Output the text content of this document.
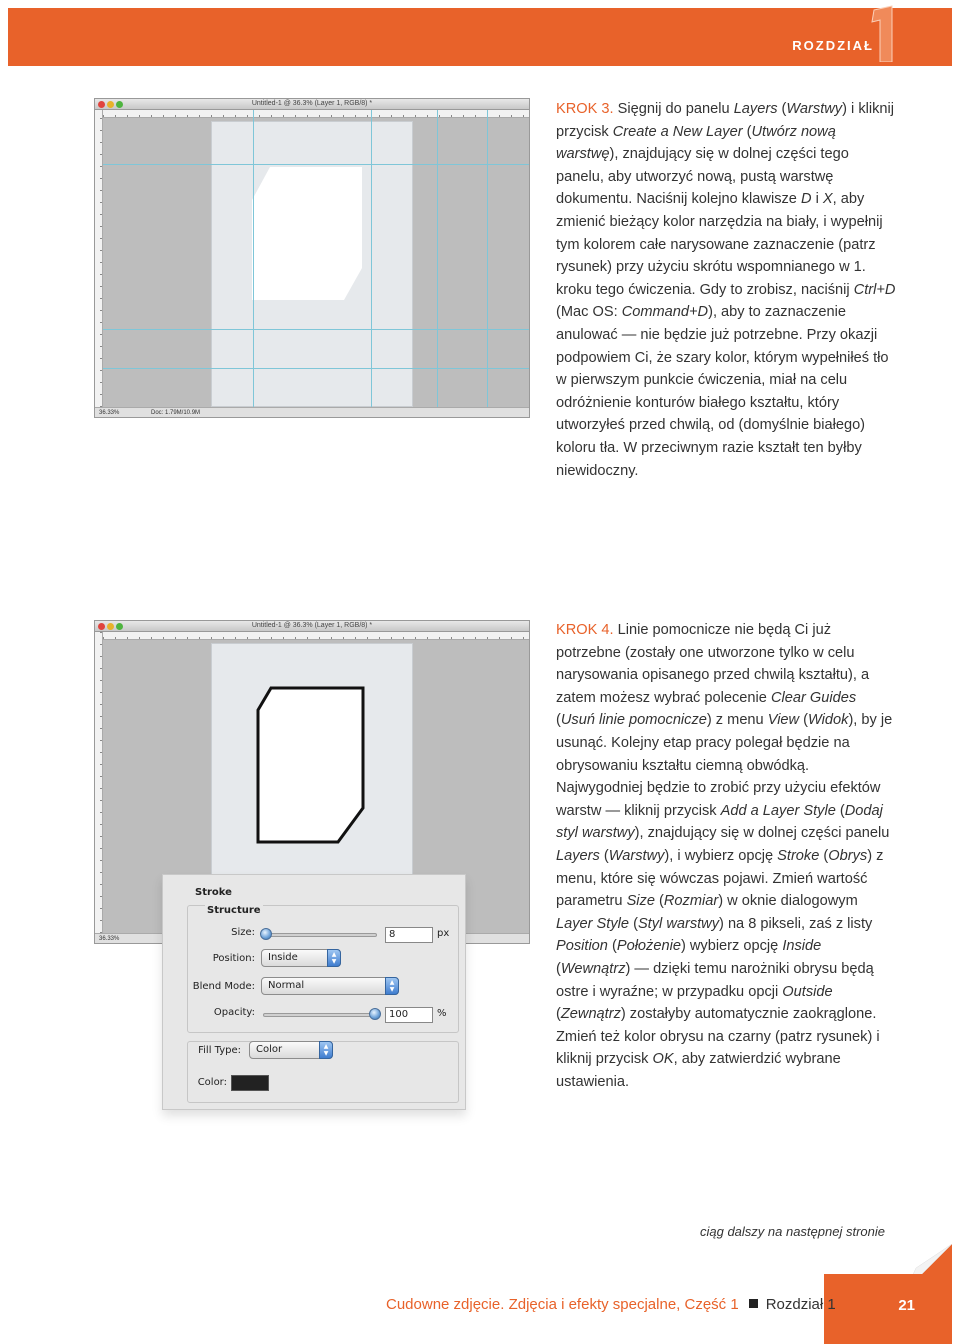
ROZDZIAŁ
Untitled-1 @ 36.3% (Layer 1, RGB/8) *
36.33%	Doc: 1.79M/10.9M
Untitled-1 @ 36.3% (Layer 1, RGB/8) *
36.33%
Stroke
Structure
Size:	8	px
Position:	Inside	▲
▼
Blend Mode:	Normal	▲
▼
Opacity:	100	%
Fill Type:	Color	▲
▼
Color:
KROK 3. Sięgnij do panelu Layers (Warstwy) i kliknij przycisk Create a New Layer (Utwórz nową warstwę), znajdujący się w dolnej części tego panelu, aby utworzyć nową, pustą warstwę dokumentu. Naciśnij kolejno klawisze D i X, aby zmienić bieżący kolor narzędzia na biały, i wypełnij tym kolorem całe narysowane zaznaczenie (patrz rysunek) przy użyciu skrótu wspomnianego w 1. kroku tego ćwiczenia. Gdy to zrobisz, naciśnij Ctrl+D (Mac OS: Command+D), aby to zaznaczenie anulować — nie będzie już potrzebne. Przy okazji podpowiem Ci, że szary kolor, którym wypełniłeś tło w pierwszym punkcie ćwiczenia, miał na celu odróżnienie konturów białego kształtu, który utworzyłeś przed chwilą, od (domyślnie białego) koloru tła. W przeciwnym razie kształt ten byłby niewidoczny.
KROK 4. Linie pomocnicze nie będą Ci już potrzebne (zostały one utworzone tylko w celu narysowania opisanego przed chwilą kształtu), a zatem możesz wybrać polecenie Clear Guides (Usuń linie pomocnicze) z menu View (Widok), by je usunąć. Kolejny etap pracy polegał będzie na obrysowaniu kształtu ciemną obwódką. Najwygodniej będzie to zrobić przy użyciu efektów warstw — kliknij przycisk Add a Layer Style (Dodaj styl warstwy), znajdujący się w dolnej części panelu Layers (Warstwy), i wybierz opcję Stroke (Obrys) z menu, które się wówczas pojawi. Zmień wartość parametru Size (Rozmiar) w oknie dialogowym Layer Style (Styl warstwy) na 8 pikseli, zaś z listy Position (Położenie) wybierz opcję Inside (Wewnątrz) — dzięki temu narożniki obrysu będą ostre i wyraźne; w przypadku opcji Outside (Zewnątrz) zostałyby automatycznie zaokrąglone. Zmień też kolor obrysu na czarny (patrz rysunek) i kliknij przycisk OK, aby zatwierdzić wybrane ustawienia.
ciąg dalszy na następnej stronie
Cudowne zdjęcie. Zdjęcia i efekty specjalne, Część 1 Rozdział 1	21
